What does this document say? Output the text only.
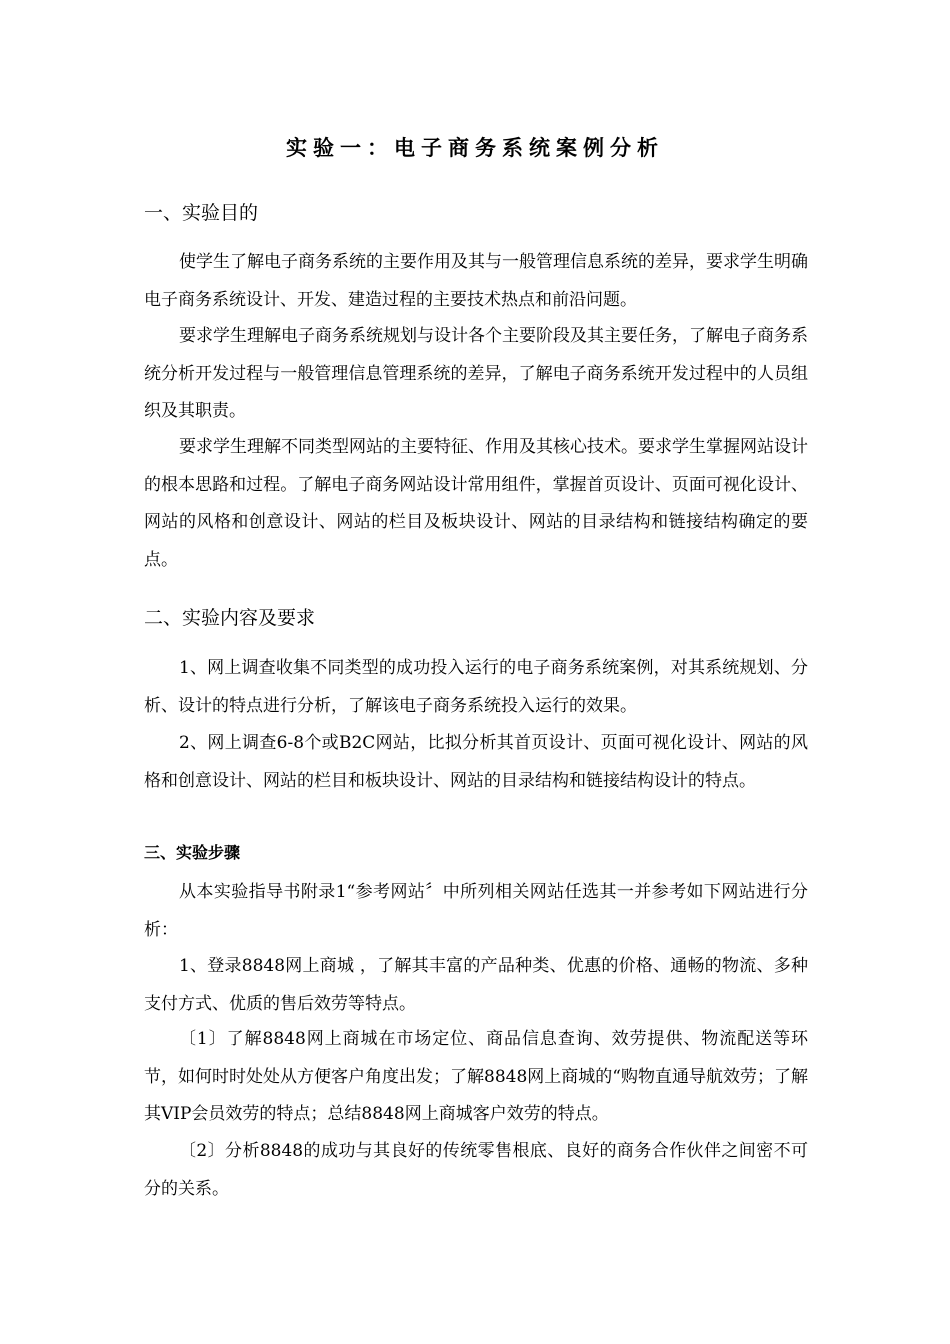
实验一：电子商务系统案例分析
一、实验目的

使学生了解电子商务系统的主要作用及其与一般管理信息系统的差异，要求学生明确电子商务系统设计、开发、建造过程的主要技术热点和前沿问题。

要求学生理解电子商务系统规划与设计各个主要阶段及其主要任务，了解电子商务系统分析开发过程与一般管理信息管理系统的差异，了解电子商务系统开发过程中的人员组织及其职责。

要求学生理解不同类型网站的主要特征、作用及其核心技术。要求学生掌握网站设计的根本思路和过程。了解电子商务网站设计常用组件，掌握首页设计、页面可视化设计、网站的风格和创意设计、网站的栏目及板块设计、网站的目录结构和链接结构确定的要点。

二、实验内容及要求

1、网上调查收集不同类型的成功投入运行的电子商务系统案例，对其系统规划、分析、设计的特点进行分析，了解该电子商务系统投入运行的效果。

2、网上调查6-8个或B2C网站，比拟分析其首页设计、页面可视化设计、网站的风格和创意设计、网站的栏目和板块设计、网站的目录结构和链接结构设计的特点。

三、实验步骤

从本实验指导书附录1“参考网站〞中所列相关网站任选其一并参考如下网站进行分析：

1、登录8848网上商城 ，了解其丰富的产品种类、优惠的价格、通畅的物流、多种支付方式、优质的售后效劳等特点。

〔1〕了解8848网上商城在市场定位、商品信息查询、效劳提供、物流配送等环节，如何时时处处从方便客户角度出发；了解8848网上商城的“购物直通导航效劳；了解其VIP会员效劳的特点；总结8848网上商城客户效劳的特点。

〔2〕分析8848的成功与其良好的传统零售根底、良好的商务合作伙伴之间密不可分的关系。
